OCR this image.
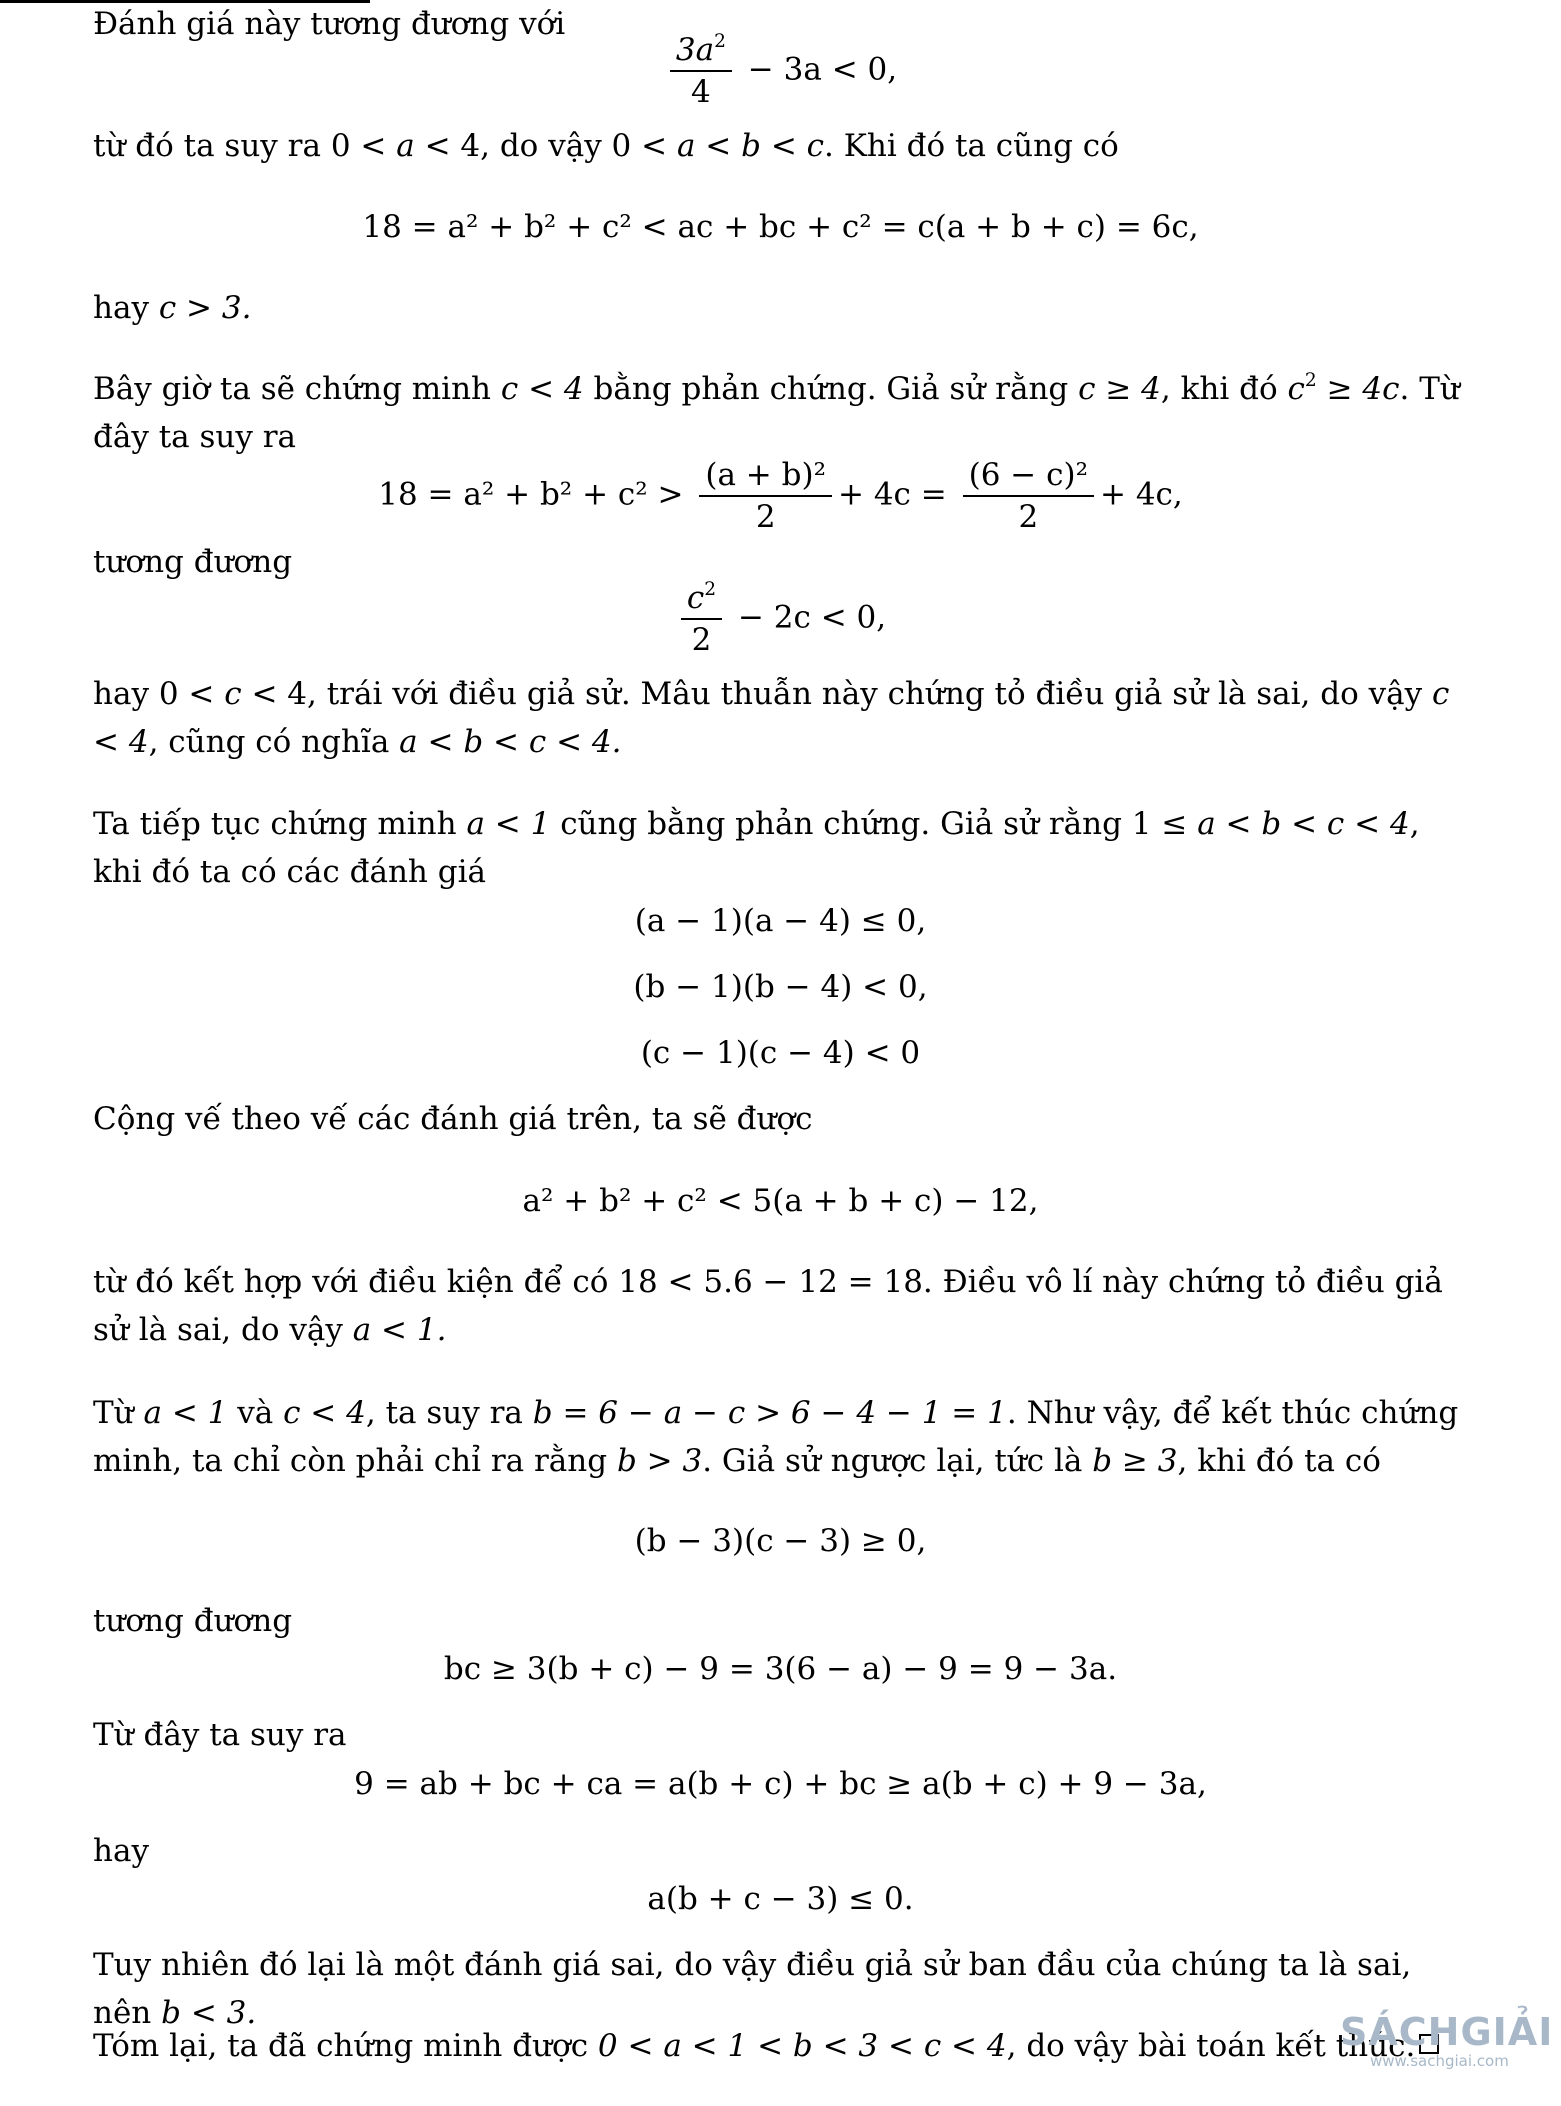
Đánh giá này tương đương với

$\frac{3a^2}{4} - 3a < 0$,

từ đó ta suy ra 0 < a < 4, do vậy 0 < a < b < c. Khi đó ta cũng có

18 = a² + b² + c² < ac + bc + c² = c(a + b + c) = 6c,

hay c > 3.

Bây giờ ta sẽ chứng minh c < 4 bằng phản chứng. Giả sử rằng c ≥ 4, khi đó $c^2 \ge 4c$. Từ đây ta suy ra

$18 = a^2 + b^2 + c^2 > \frac{\text{(a + b)²}}{2} + 4c = \frac{\text{(6 − c)²}}{2} + 4c$,

tương đương

$\frac{c^2}{2} - 2c < 0$,

hay 0 < c < 4, trái với điều giả sử. Mâu thuẫn này chứng tỏ điều giả sử là sai, do vậy c < 4, cũng có nghĩa a < b < c < 4.

Ta tiếp tục chứng minh a < 1 cũng bằng phản chứng. Giả sử rằng 1 ≤ a < b < c < 4, khi đó ta có các đánh giá

(a − 1)(a − 4) ≤ 0,
(b − 1)(b − 4) < 0,
(c − 1)(c − 4) < 0

Cộng vế theo vế các đánh giá trên, ta sẽ được

a² + b² + c² < 5(a + b + c) − 12,

từ đó kết hợp với điều kiện để có 18 < 5.6 − 12 = 18. Điều vô lí này chứng tỏ điều giả sử là sai, do vậy a < 1.

Từ a < 1 và c < 4, ta suy ra b = 6 − a − c > 6 − 4 − 1 = 1. Như vậy, để kết thúc chứng minh, ta chỉ còn phải chỉ ra rằng b > 3. Giả sử ngược lại, tức là b ≥ 3, khi đó ta có

(b − 3)(c − 3) ≥ 0,

tương đương

bc ≥ 3(b + c) − 9 = 3(6 − a) − 9 = 9 − 3a.

Từ đây ta suy ra

9 = ab + bc + ca = a(b + c) + bc ≥ a(b + c) + 9 − 3a,

hay

a(b + c − 3) ≤ 0.

Tuy nhiên đó lại là một đánh giá sai, do vậy điều giả sử ban đầu của chúng ta là sai, nên b < 3.

Tóm lại, ta đã chứng minh được 0 < a < 1 < b < 3 < c < 4, do vậy bài toán kết thúc.

SÁCHGIẢI
www.sachgiai.com
